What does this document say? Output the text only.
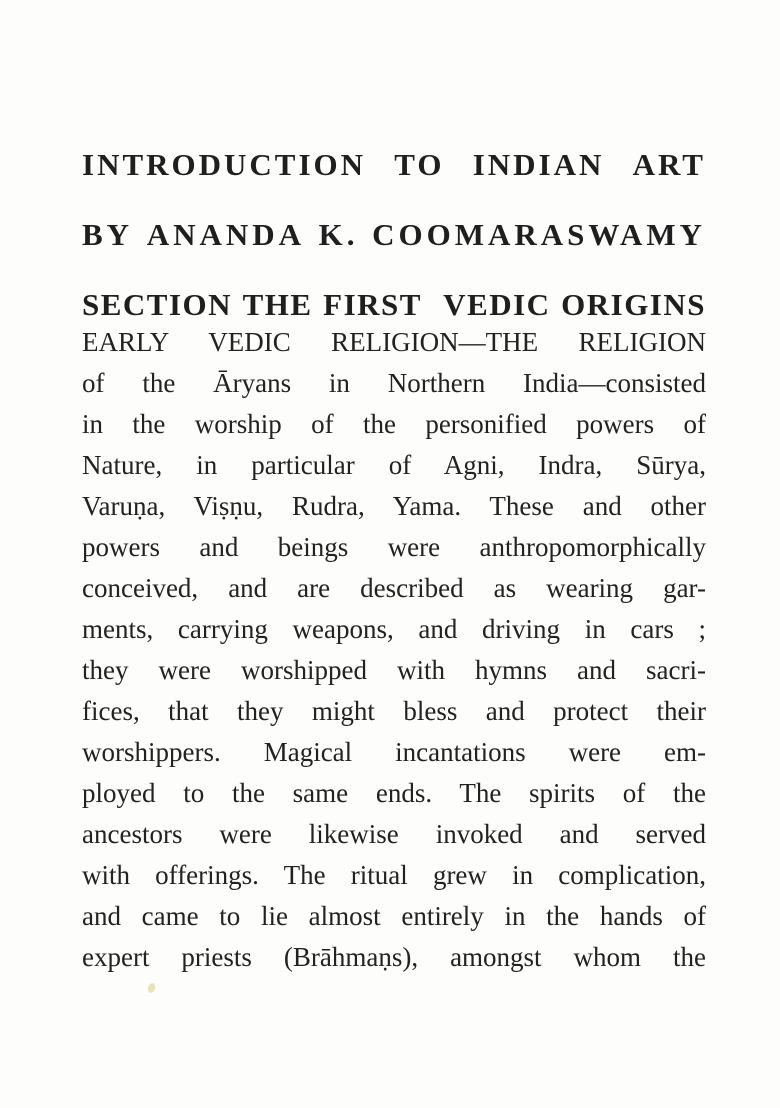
INTRODUCTION TO INDIAN ART
BY ANANDA K. COOMARASWAMY
SECTION THE FIRST VEDIC ORIGINS
EARLY VEDIC RELIGION—THE RELIGION
of the Āryans in Northern India—consisted
in the worship of the personified powers of
Nature, in particular of Agni, Indra, Sūrya,
Varuṇa, Viṣṇu, Rudra, Yama. These and other
powers and beings were anthropomorphically
conceived, and are described as wearing gar-
ments, carrying weapons, and driving in cars ;
they were worshipped with hymns and sacri-
fices, that they might bless and protect their
worshippers. Magical incantations were em-
ployed to the same ends. The spirits of the
ancestors were likewise invoked and served
with offerings. The ritual grew in complication,
and came to lie almost entirely in the hands of
expert priests (Brāhmaṇs), amongst whom the
